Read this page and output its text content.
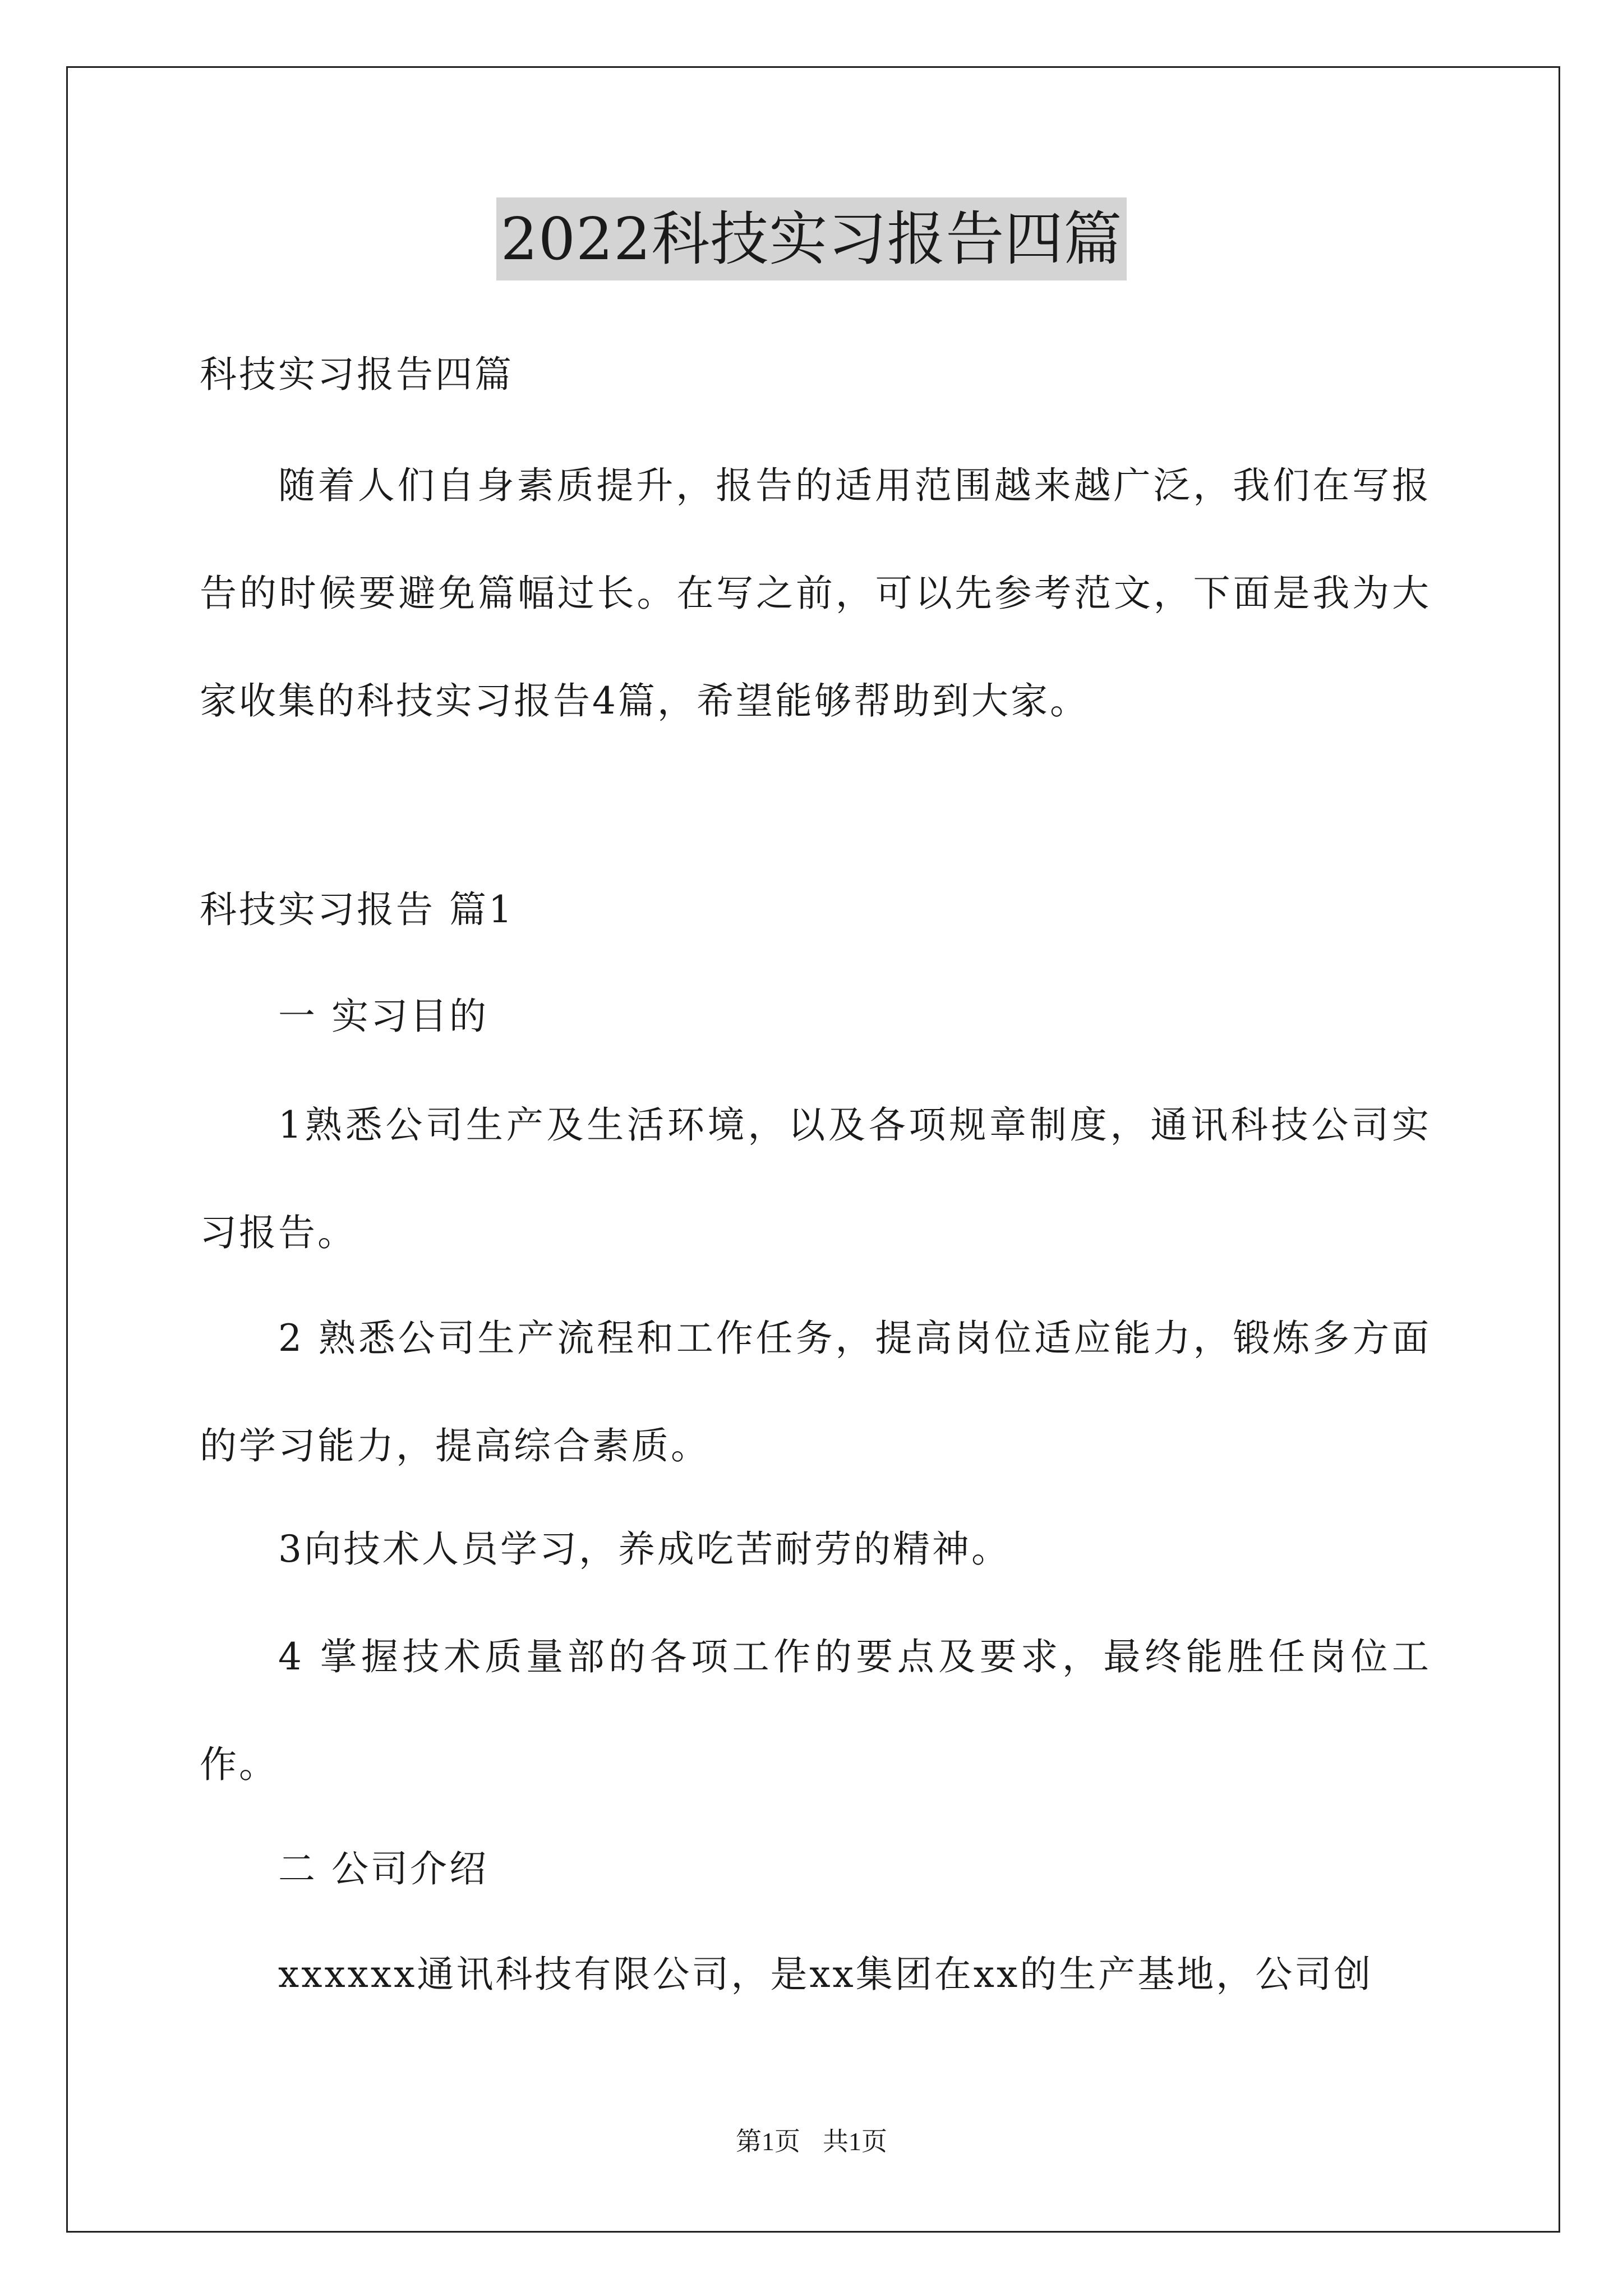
2022科技实习报告四篇

科技实习报告四篇

随着人们自身素质提升，报告的适用范围越来越广泛，我们在写报告的时候要避免篇幅过长。在写之前，可以先参考范文，下面是我为大家收集的科技实习报告4篇，希望能够帮助到大家。

科技实习报告 篇1

一 实习目的

1熟悉公司生产及生活环境，以及各项规章制度，通讯科技公司实习报告。

2 熟悉公司生产流程和工作任务，提高岗位适应能力，锻炼多方面的学习能力，提高综合素质。

3向技术人员学习，养成吃苦耐劳的精神。

4 掌握技术质量部的各项工作的要点及要求，最终能胜任岗位工作。

二 公司介绍

xxxxxx通讯科技有限公司，是xx集团在xx的生产基地，公司创

第1页 共1页
